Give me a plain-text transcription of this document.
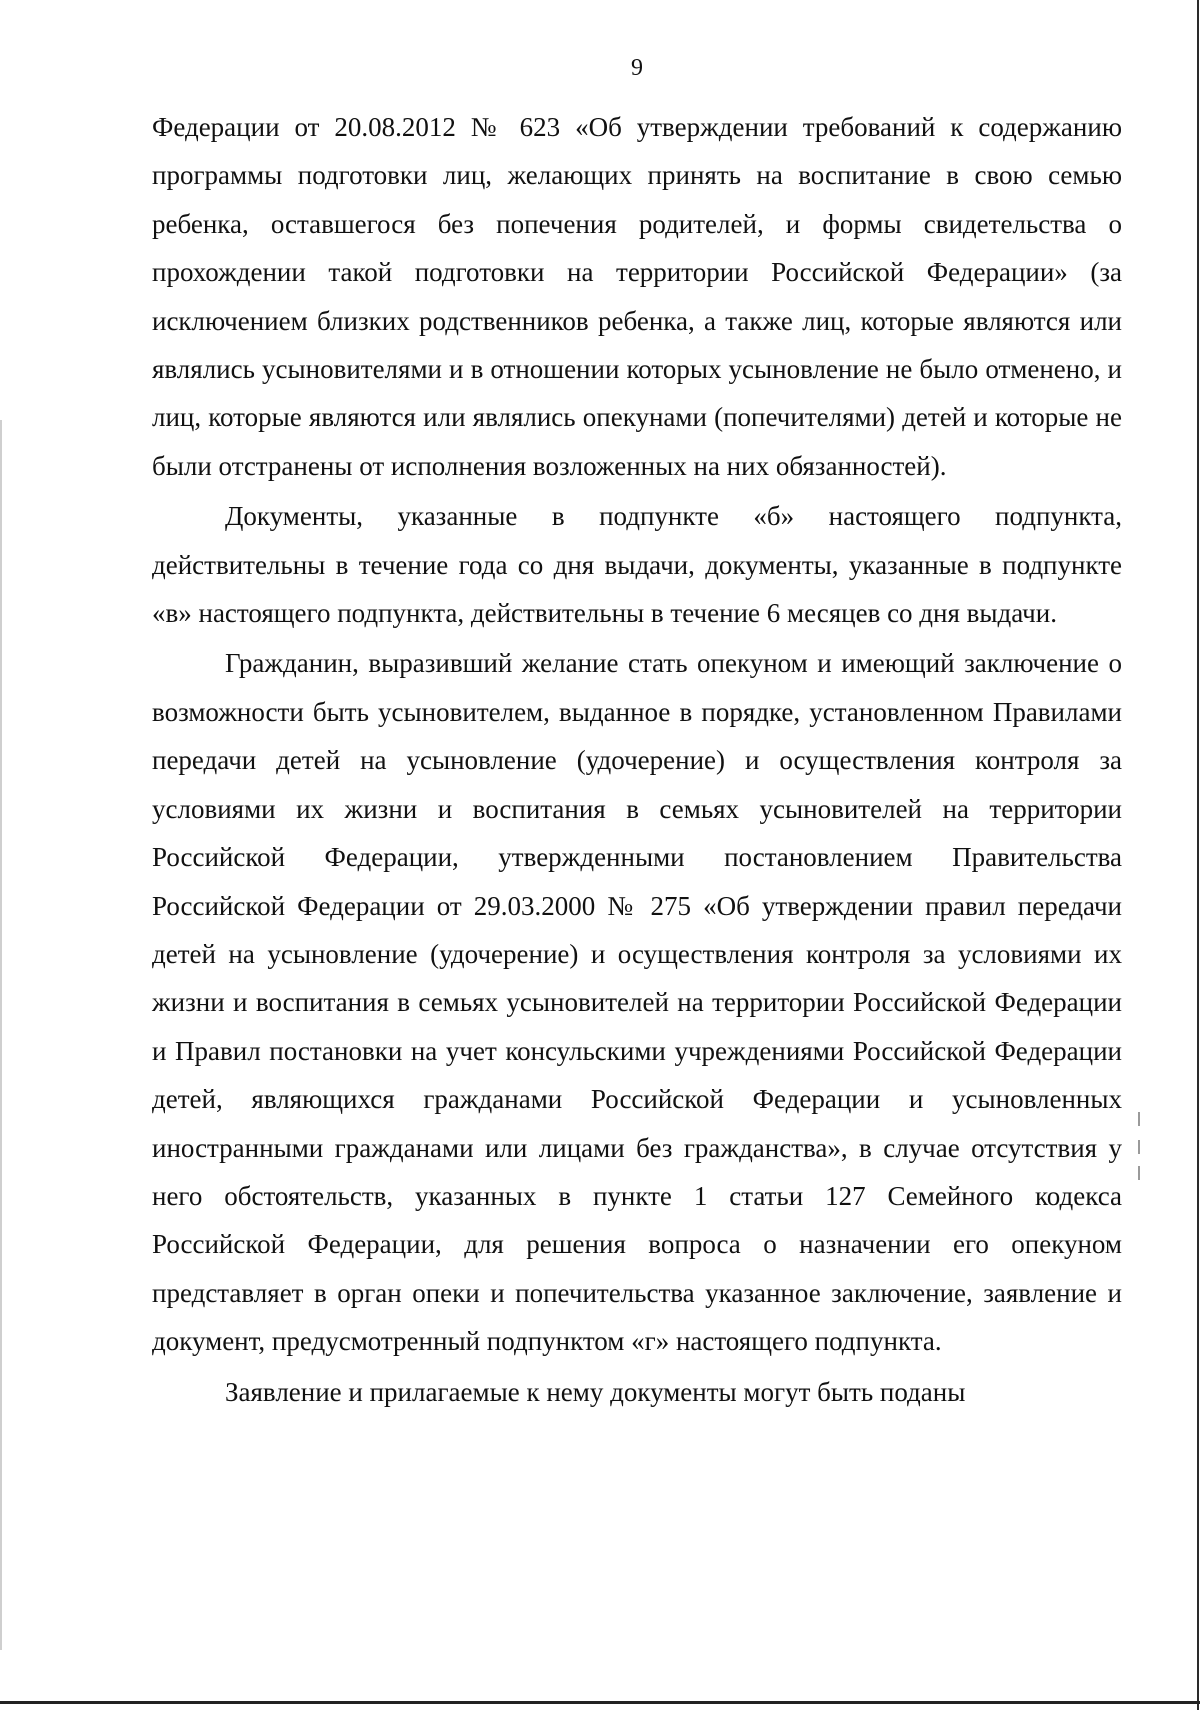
9

Федерации от 20.08.2012 № 623 «Об утверждении требований к содержанию программы подготовки лиц, желающих принять на воспитание в свою семью ребенка, оставшегося без попечения родителей, и формы свидетельства о прохождении такой подготовки на территории Российской Федерации» (за исключением близких родственников ребенка, а также лиц, которые являются или являлись усыновителями и в отношении которых усыновление не было отменено, и лиц, которые являются или являлись опекунами (попечителями) детей и которые не были отстранены от исполнения возложенных на них обязанностей).

Документы, указанные в подпункте «б» настоящего подпункта, действительны в течение года со дня выдачи, документы, указанные в подпункте «в» настоящего подпункта, действительны в течение 6 месяцев со дня выдачи.

Гражданин, выразивший желание стать опекуном и имеющий заключение о возможности быть усыновителем, выданное в порядке, установленном Правилами передачи детей на усыновление (удочерение) и осуществления контроля за условиями их жизни и воспитания в семьях усыновителей на территории Российской Федерации, утвержденными постановлением Правительства Российской Федерации от 29.03.2000 № 275 «Об утверждении правил передачи детей на усыновление (удочерение) и осуществления контроля за условиями их жизни и воспитания в семьях усыновителей на территории Российской Федерации и Правил постановки на учет консульскими учреждениями Российской Федерации детей, являющихся гражданами Российской Федерации и усыновленных иностранными гражданами или лицами без гражданства», в случае отсутствия у него обстоятельств, указанных в пункте 1 статьи 127 Семейного кодекса Российской Федерации, для решения вопроса о назначении его опекуном представляет в орган опеки и попечительства указанное заключение, заявление и документ, предусмотренный подпунктом «г» настоящего подпункта.

Заявление и прилагаемые к нему документы могут быть поданы
